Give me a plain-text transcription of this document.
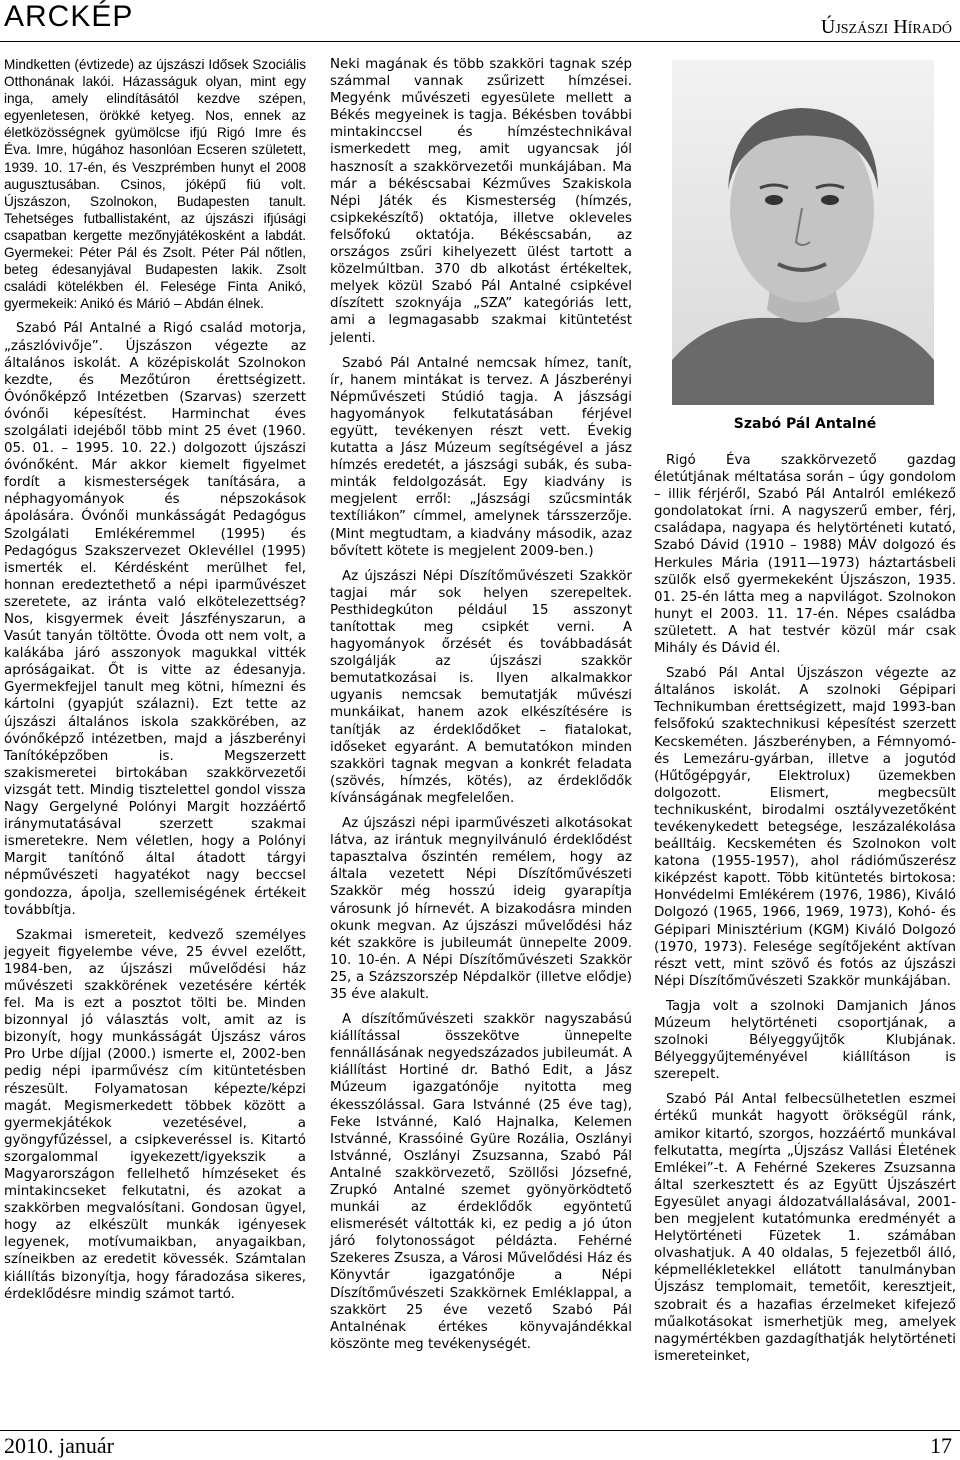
ARCKÉP	Újszászi Híradó

Mindketten (évtizede) az újszászi Idősek Szociális Otthonának lakói. Házasságuk olyan, mint egy inga, amely elindításától kezdve szépen, egyenletesen, örökké ketyeg. Nos, ennek az életközösségnek gyümölcse ifjú Rigó Imre és Éva. Imre, húgához hasonlóan Ecseren született, 1939. 10. 17-én, és Veszprémben hunyt el 2008 augusztusában. Csinos, jóképű fiú volt. Újszászon, Szolnokon, Budapesten tanult. Tehetséges futballistaként, az újszászi ifjúsági csapatban kergette mezőnyjátékosként a labdát. Gyermekei: Péter Pál és Zsolt. Péter Pál nőtlen, beteg édesanyjával Budapesten lakik. Zsolt családi kötelékben él. Felesége Finta Anikó, gyermekeik: Anikó és Márió – Abdán élnek.

Szabó Pál Antalné a Rigó család motorja, „zászlóvivője”. Újszászon végezte az általános iskolát. A középiskolát Szolnokon kezdte, és Mezőtúron érettségizett. Óvónőképző Intézetben (Szarvas) szerzett óvónői képesítést. Harminchat éves szolgálati idejéből több mint 25 évet (1960. 05. 01. – 1995. 10. 22.) dolgozott újszászi óvónőként. Már akkor kiemelt figyelmet fordít a kismesterségek tanítására, a néphagyományok és népszokások ápolására. Óvónői munkásságát Pedagógus Szolgálati Emlékéremmel (1995) és Pedagógus Szakszervezet Oklevéllel (1995) ismerték el. Kérdésként merülhet fel, honnan eredeztethető a népi iparművészet szeretete, az iránta való elkötelezettség? Nos, kisgyermek éveit Jászfényszarun, a Vasút tanyán töltötte. Óvoda ott nem volt, a kalákába járó asszonyok magukkal vitték apróságaikat. Őt is vitte az édesanyja. Gyermekfejjel tanult meg kötni, hímezni és kártolni (gyapjút szálazni). Ezt tette az újszászi általános iskola szakkörében, az óvónőképző intézetben, majd a jászberényi Tanítóképzőben is. Megszerzett szakismeretei birtokában szakkörvezetői vizsgát tett. Mindig tisztelettel gondol vissza Nagy Gergelyné Polónyi Margit hozzáértő iránymutatásával szerzett szakmai ismeretekre. Nem véletlen, hogy a Polónyi Margit tanítónő által átadott tárgyi népművészeti hagyatékot nagy beccsel gondozza, ápolja, szellemiségének értékeit továbbítja.

Szakmai ismereteit, kedvező személyes jegyeit figyelembe véve, 25 évvel ezelőtt, 1984-ben, az újszászi művelődési ház művészeti szakkörének vezetésére kérték fel. Ma is ezt a posztot tölti be. Minden bizonnyal jó választás volt, amit az is bizonyít, hogy munkásságát Újszász város Pro Urbe díjjal (2000.) ismerte el, 2002-ben pedig népi iparművész cím kitüntetésben részesült. Folyamatosan képezte/képzi magát. Megismerkedett többek között a gyermekjátékok vezetésével, a gyöngyfűzéssel, a csipkeveréssel is. Kitartó szorgalommal igyekezett/igyekszik a Magyarországon fellelhető hímzéseket és mintakincseket felkutatni, és azokat a szakkörben megvalósítani. Gondosan ügyel, hogy az elkészült munkák igényesek legyenek, motívumaikban, anyagaikban, színeikben az eredetit kövessék. Számtalan kiállítás bizonyítja, hogy fáradozása sikeres, érdeklődésre mindig számot tartó.

Neki magának és több szakköri tagnak szép számmal vannak zsűrizett hímzései. Megyénk művészeti egyesülete mellett a Békés megyeinek is tagja. Békésben további mintakinccsel és hímzéstechnikával ismerkedett meg, amit ugyancsak jól hasznosít a szakkörvezetői munkájában. Ma már a békéscsabai Kézműves Szakiskola Népi Játék és Kismesterség (hímzés, csipkekészítő) oktatója, illetve okleveles felsőfokú oktatója. Békéscsabán, az országos zsűri kihelyezett ülést tartott a közelmúltban. 370 db alkotást értékeltek, melyek közül Szabó Pál Antalné csipkével díszített szoknyája „SZA” kategóriás lett, ami a legmagasabb szakmai kitüntetést jelenti.

Szabó Pál Antalné nemcsak hímez, tanít, ír, hanem mintákat is tervez. A Jászberényi Népművészeti Stúdió tagja. A jászsági hagyományok felkutatásában férjével együtt, tevékenyen részt vett. Évekig kutatta a Jász Múzeum segítségével a jász hímzés eredetét, a jászsági subák, és suba-minták feldolgozását. Egy kiadvány is megjelent erről: „Jászsági szűcsminták textíliákon” címmel, amelynek társszerzője. (Mint megtudtam, a kiadvány második, azaz bővített kötete is megjelent 2009-ben.)

Az újszászi Népi Díszítőművészeti Szakkör tagjai már sok helyen szerepeltek. Pesthidegkúton például 15 asszonyt tanítottak meg csipkét verni. A hagyományok őrzését és továbbadását szolgálják az újszászi szakkör bemutatkozásai is. Ilyen alkalmakkor ugyanis nemcsak bemutatják művészi munkáikat, hanem azok elkészítésére is tanítják az érdeklődőket – fiatalokat, időseket egyaránt. A bemutatókon minden szakköri tagnak megvan a konkrét feladata (szövés, hímzés, kötés), az érdeklődők kívánságának megfelelően.

Az újszászi népi iparművészeti alkotásokat látva, az irántuk megnyilvánuló érdeklődést tapasztalva őszintén remélem, hogy az általa vezetett Népi Díszítőművészeti Szakkör még hosszú ideig gyarapítja városunk jó hírnevét. A bizakodásra minden okunk megvan. Az újszászi művelődési ház két szakköre is jubileumát ünnepelte 2009. 10. 10-én. A Népi Díszítőművészeti Szakkör 25, a Százszorszép Népdalkör (illetve elődje) 35 éve alakult.

A díszítőművészeti szakkör nagyszabású kiállítással összekötve ünnepelte fennállásának negyedszázados jubileumát. A kiállítást Hortiné dr. Bathó Edit, a Jász Múzeum igazgatónője nyitotta meg ékesszólással. Gara Istvánné (25 éve tag), Feke Istvánné, Kaló Hajnalka, Kelemen Istvánné, Krassóiné Gyüre Rozália, Oszlányi Istvánné, Oszlányi Zsuzsanna, Szabó Pál Antalné szakkörvezető, Szöllősi Józsefné, Zrupkó Antalné szemet gyönyörködtető munkái az érdeklődők egyöntetű elismerését váltották ki, ez pedig a jó úton járó folytonosságot példázta. Fehérné Szekeres Zsusza, a Városi Művelődési Ház és Könyvtár igazgatónője a Népi Díszítőművészeti Szakkörnek Emléklappal, a szakkört 25 éve vezető Szabó Pál Antalnénak értékes könyvajándékkal köszönte meg tevékenységét.

Szabó Pál Antalné

Rigó Éva szakkörvezető gazdag életútjának méltatása során – úgy gondolom – illik férjéről, Szabó Pál Antalról emlékező gondolatokat írni. A nagyszerű ember, férj, családapa, nagyapa és helytörténeti kutató, Szabó Dávid (1910 – 1988) MÁV dolgozó és Herkules Mária (1911—1973) háztartásbeli szülők első gyermekeként Újszászon, 1935. 01. 25-én látta meg a napvilágot. Szolnokon hunyt el 2003. 11. 17-én. Népes családba született. A hat testvér közül már csak Mihály és Dávid él.

Szabó Pál Antal Újszászon végezte az általános iskolát. A szolnoki Gépipari Technikumban érettségizett, majd 1993-ban felsőfokú szaktechnikusi képesítést szerzett Kecskeméten. Jászberényben, a Fémnyomó- és Lemezáru-gyárban, illetve a jogutód (Hűtőgépgyár, Elektrolux) üzemekben dolgozott. Elismert, megbecsült technikusként, birodalmi osztályvezetőként tevékenykedett betegsége, leszázalékolása beálltáig. Kecskeméten és Szolnokon volt katona (1955-1957), ahol rádióműszerész kiképzést kapott. Több kitüntetés birtokosa: Honvédelmi Emlékérem (1976, 1986), Kiváló Dolgozó (1965, 1966, 1969, 1973), Kohó- és Gépipari Minisztérium (KGM) Kiváló Dolgozó (1970, 1973). Felesége segítőjeként aktívan részt vett, mint szövő és fotós az újszászi Népi Díszítőművészeti Szakkör munkájában.

Tagja volt a szolnoki Damjanich János Múzeum helytörténeti csoportjának, a szolnoki Bélyeggyűjtők Klubjának. Bélyeggyűjteményével kiállításon is szerepelt.

Szabó Pál Antal felbecsülhetetlen eszmei értékű munkát hagyott örökségül ránk, amikor kitartó, szorgos, hozzáértő munkával felkutatta, megírta „Újszász Vallási Életének Emlékei”-t. A Fehérné Szekeres Zsuzsanna által szerkesztett és az Együtt Újszászért Egyesület anyagi áldozatvállalásával, 2001-ben megjelent kutatómunka eredményét a Helytörténeti Füzetek 1. számában olvashatjuk. A 40 oldalas, 5 fejezetből álló, képmellékletekkel ellátott tanulmányban Újszász templomait, temetőit, keresztjeit, szobrait és a hazafias érzelmeket kifejező műalkotásokat ismerhetjük meg, amelyek nagymértékben gazdagíthatják helytörténeti ismereteinket,

2010. január	17
